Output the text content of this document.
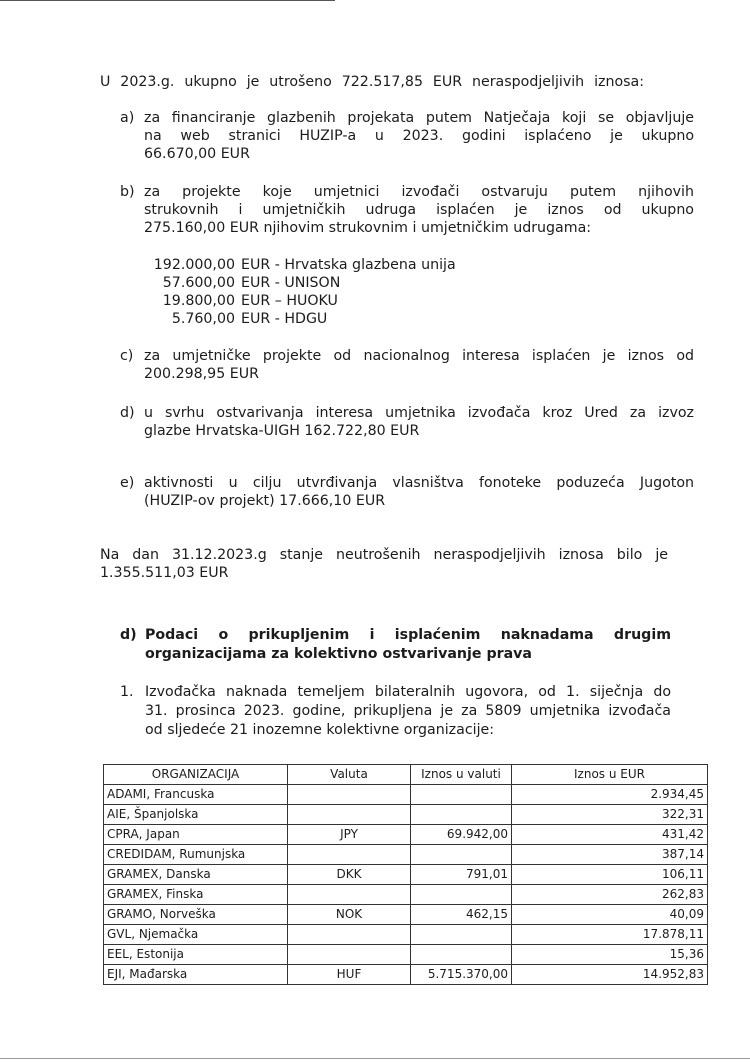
U 2023.g. ukupno je utrošeno 722.517,85 EUR neraspodjeljivih iznosa:
a) za financiranje glazbenih projekata putem Natječaja koji se objavljuje
na web stranici HUZIP-a u 2023. godini isplaćeno je ukupno
66.670,00 EUR
b) za projekte koje umjetnici izvođači ostvaruju putem njihovih
strukovnih i umjetničkih udruga isplaćen je iznos od ukupno
275.160,00 EUR njihovim strukovnim i umjetničkim udrugama:
192.000,00 EUR - Hrvatska glazbena unija
57.600,00 EUR - UNISON
19.800,00 EUR – HUOKU
5.760,00 EUR - HDGU
c) za umjetničke projekte od nacionalnog interesa isplaćen je iznos od
200.298,95 EUR
d) u svrhu ostvarivanja interesa umjetnika izvođača kroz Ured za izvoz
glazbe Hrvatska-UIGH 162.722,80 EUR
e) aktivnosti u cilju utvrđivanja vlasništva fonoteke poduzeća Jugoton
(HUZIP-ov projekt) 17.666,10 EUR
Na dan 31.12.2023.g stanje neutrošenih neraspodjeljivih iznosa bilo je
1.355.511,03 EUR
d) Podaci o prikupljenim i isplaćenim naknadama drugim
organizacijama za kolektivno ostvarivanje prava
1. Izvođačka naknada temeljem bilateralnih ugovora, od 1. siječnja do
31. prosinca 2023. godine, prikupljena je za 5809 umjetnika izvođača
od sljedeće 21 inozemne kolektivne organizacije:
ORGANIZACIJA	Valuta	Iznos u valuti	Iznos u EUR
ADAMI, Francuska			2.934,45
AIE, Španjolska			322,31
CPRA, Japan	JPY	69.942,00	431,42
CREDIDAM, Rumunjska			387,14
GRAMEX, Danska	DKK	791,01	106,11
GRAMEX, Finska			262,83
GRAMO, Norveška	NOK	462,15	40,09
GVL, Njemačka			17.878,11
EEL, Estonija			15,36
EJI, Mađarska	HUF	5.715.370,00	14.952,83
